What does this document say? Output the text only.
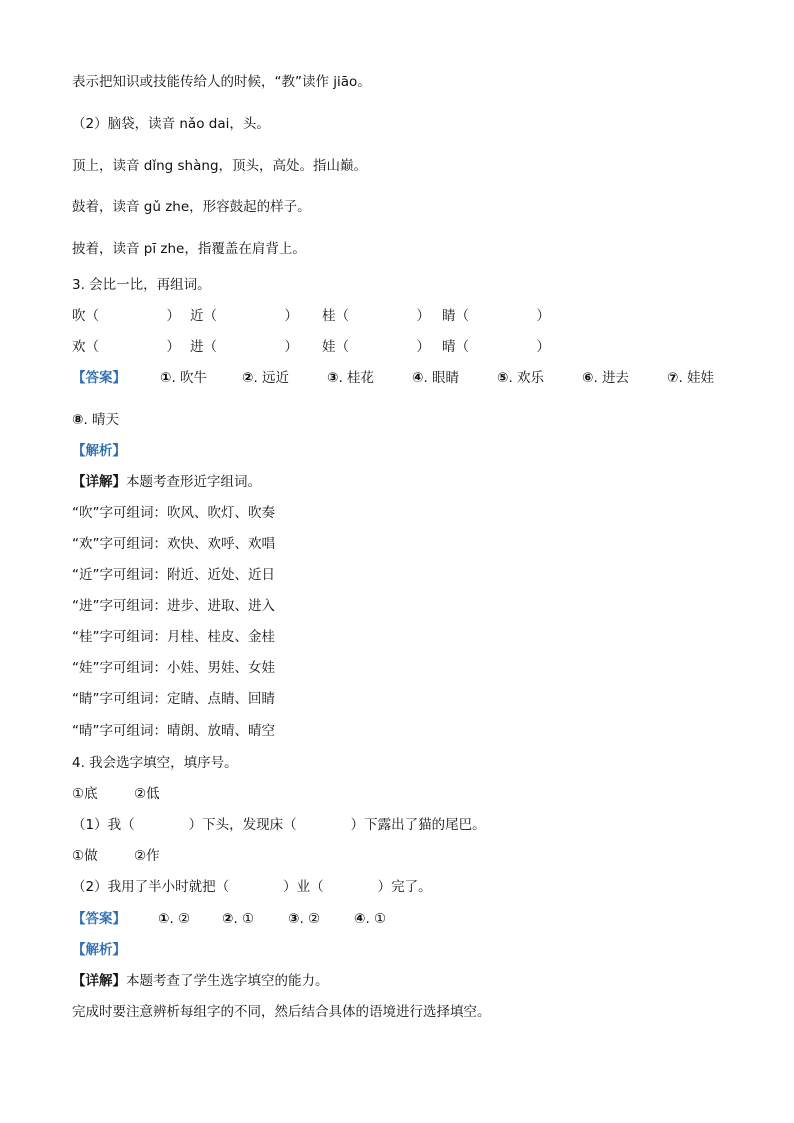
表示把知识或技能传给人的时候，“教”读作 jiāo。
（2）脑袋，读音 nǎo dai，头。
顶上，读音 dǐng shàng，顶头，高处。指山巅。
鼓着，读音 gǔ zhe，形容鼓起的样子。
披着，读音 pī zhe，指覆盖在肩背上。
3. 会比一比，再组词。
吹（　　　　　） 近（　　　　　） 桂（　　　　　） 睛（　　　　　）
欢（　　　　　） 进（　　　　　） 娃（　　　　　） 晴（　　　　　）
【答案】	①. 吹牛	②. 远近	③. 桂花	④. 眼睛	⑤. 欢乐	⑥. 进去	⑦. 娃娃
⑧. 晴天
【解析】
【详解】本题考查形近字组词。
“吹”字可组词：吹风、吹灯、吹奏
“欢”字可组词：欢快、欢呼、欢唱
“近”字可组词：附近、近处、近日
“进”字可组词：进步、进取、进入
“桂”字可组词：月桂、桂皮、金桂
“娃”字可组词：小娃、男娃、女娃
“睛”字可组词：定睛、点睛、回睛
“晴”字可组词：晴朗、放晴、晴空
4. 我会选字填空，填序号。
①底	②低
（1）我（　　　　）下头，发现床（　　　　）下露出了猫的尾巴。
①做	②作
（2）我用了半小时就把（　　　　）业（　　　　）完了。
【答案】 ①. ② ②. ①	③. ②	④. ①
【解析】
【详解】本题考查了学生选字填空的能力。
完成时要注意辨析每组字的不同，然后结合具体的语境进行选择填空。
